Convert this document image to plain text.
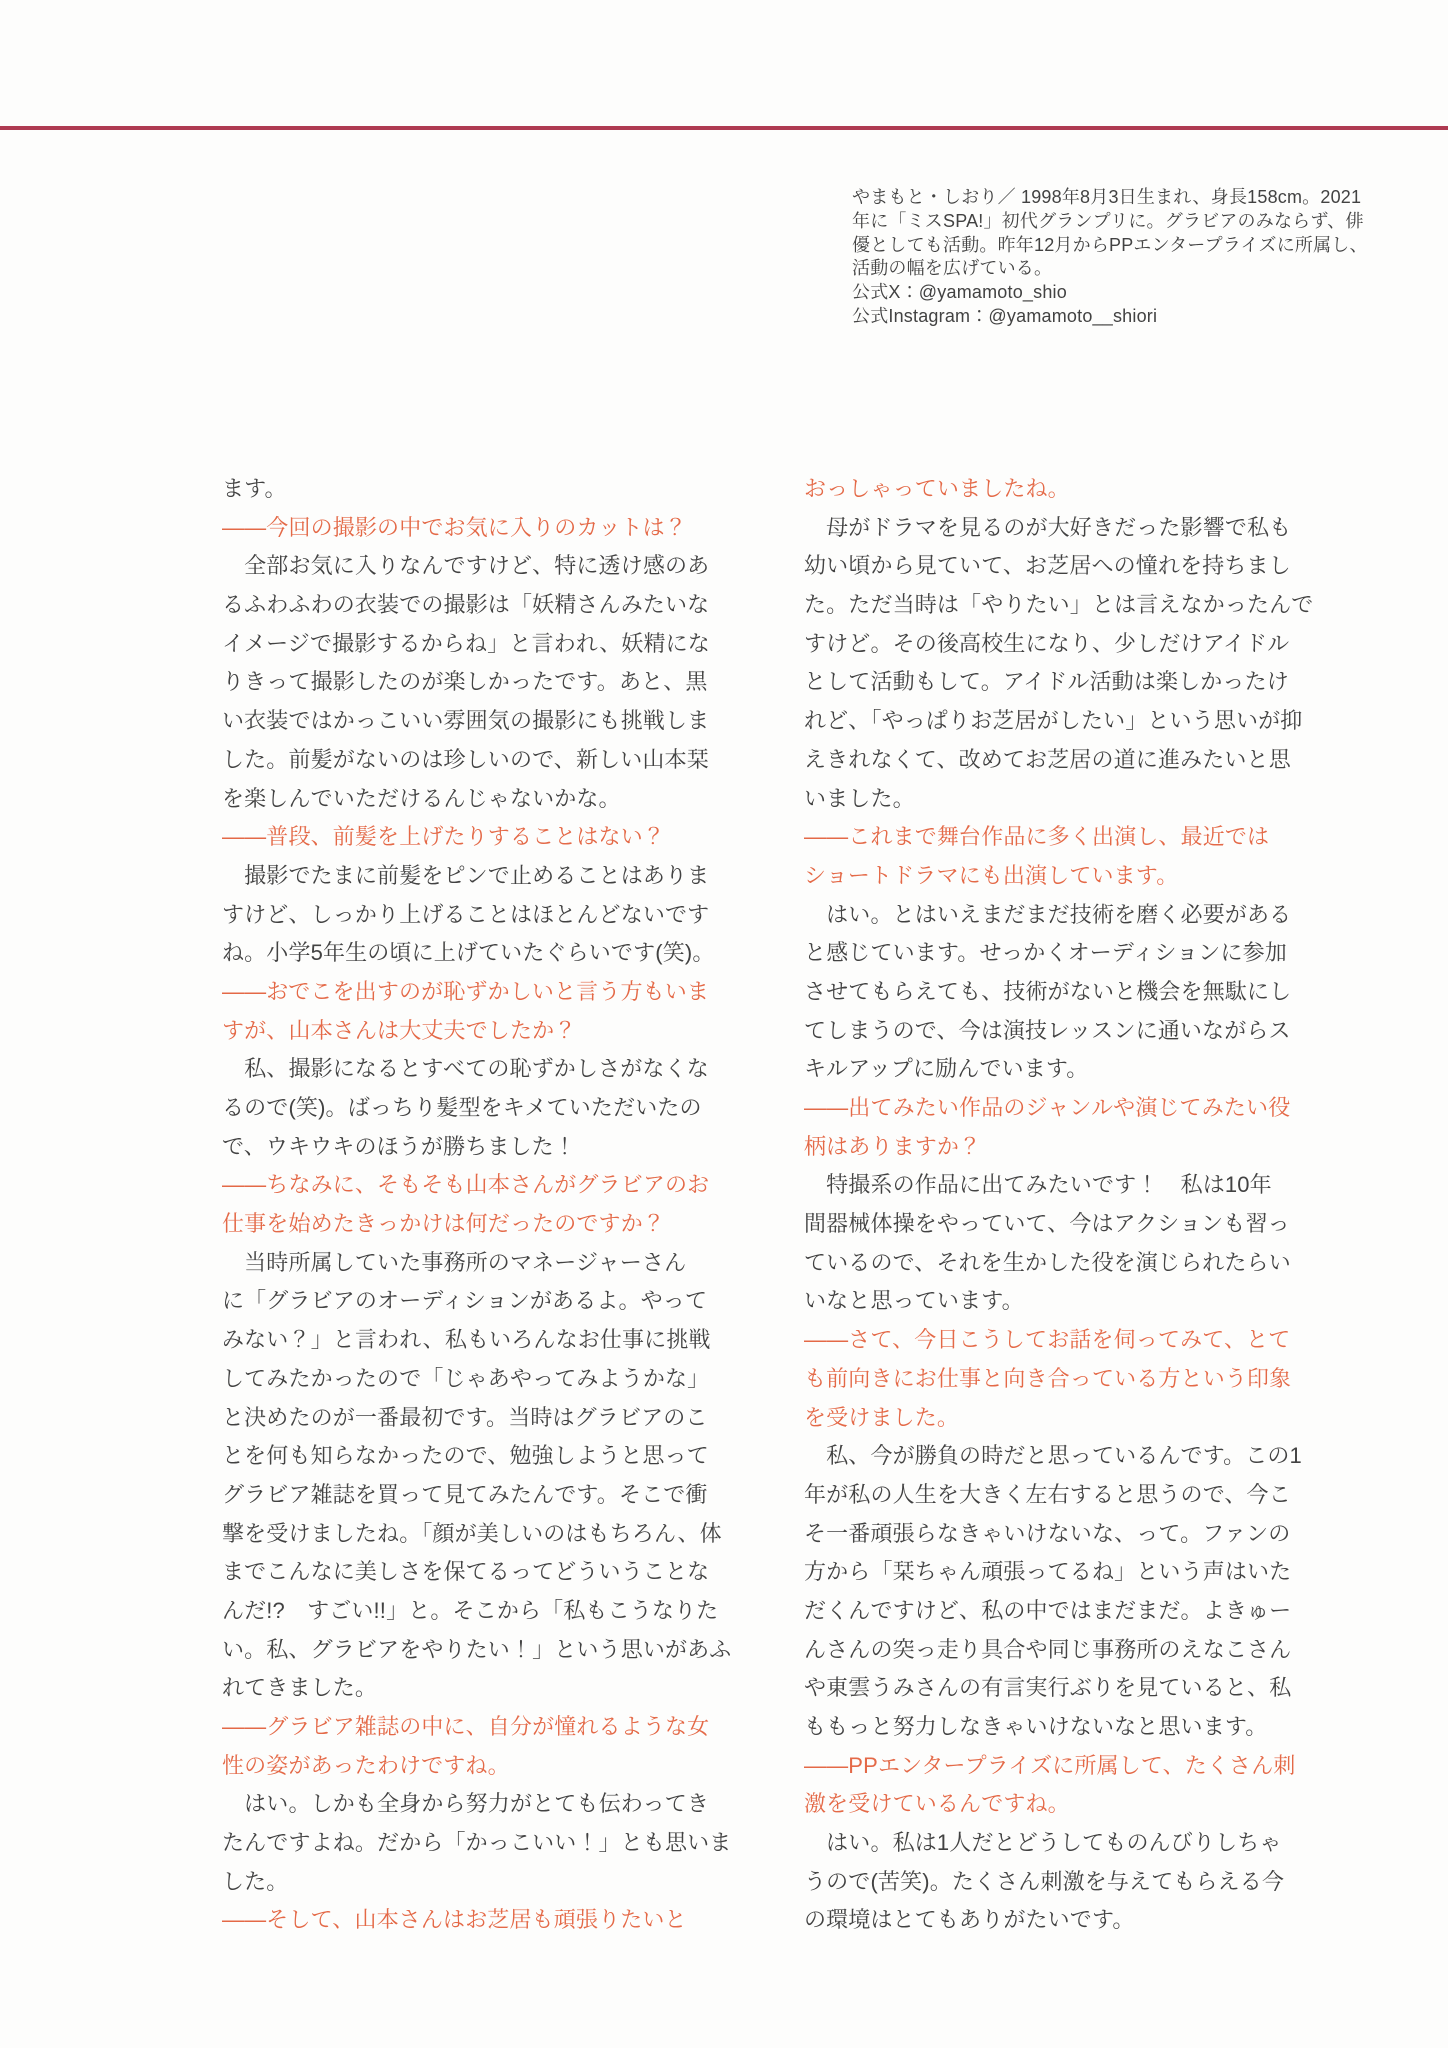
やまもと・しおり／ 1998年8月3日生まれ、身長158cm。2021
年に「ミスSPA!」初代グランプリに。グラビアのみならず、俳
優としても活動。昨年12月からPPエンタープライズに所属し、
活動の幅を広げている。
公式X：@yamamoto_shio
公式Instagram：@yamamoto__shiori
ます。
——今回の撮影の中でお気に入りのカットは？
　全部お気に入りなんですけど、特に透け感のあ
るふわふわの衣装での撮影は「妖精さんみたいな
イメージで撮影するからね」と言われ、妖精にな
りきって撮影したのが楽しかったです。あと、黒
い衣装ではかっこいい雰囲気の撮影にも挑戦しま
した。前髪がないのは珍しいので、新しい山本栞
を楽しんでいただけるんじゃないかな。
——普段、前髪を上げたりすることはない？
　撮影でたまに前髪をピンで止めることはありま
すけど、しっかり上げることはほとんどないです
ね。小学5年生の頃に上げていたぐらいです(笑)。
——おでこを出すのが恥ずかしいと言う方もいま
すが、山本さんは大丈夫でしたか？
　私、撮影になるとすべての恥ずかしさがなくな
るので(笑)。ばっちり髪型をキメていただいたの
で、ウキウキのほうが勝ちました！
——ちなみに、そもそも山本さんがグラビアのお
仕事を始めたきっかけは何だったのですか？
　当時所属していた事務所のマネージャーさん
に「グラビアのオーディションがあるよ。やって
みない？」と言われ、私もいろんなお仕事に挑戦
してみたかったので「じゃあやってみようかな」
と決めたのが一番最初です。当時はグラビアのこ
とを何も知らなかったので、勉強しようと思って
グラビア雑誌を買って見てみたんです。そこで衝
撃を受けましたね。「顔が美しいのはもちろん、体
までこんなに美しさを保てるってどういうことな
んだ!?　すごい!!」と。そこから「私もこうなりた
い。私、グラビアをやりたい！」という思いがあふ
れてきました。
——グラビア雑誌の中に、自分が憧れるような女
性の姿があったわけですね。
　はい。しかも全身から努力がとても伝わってき
たんですよね。だから「かっこいい！」とも思いま
した。
——そして、山本さんはお芝居も頑張りたいと
おっしゃっていましたね。
　母がドラマを見るのが大好きだった影響で私も
幼い頃から見ていて、お芝居への憧れを持ちまし
た。ただ当時は「やりたい」とは言えなかったんで
すけど。その後高校生になり、少しだけアイドル
として活動もして。アイドル活動は楽しかったけ
れど、「やっぱりお芝居がしたい」という思いが抑
えきれなくて、改めてお芝居の道に進みたいと思
いました。
——これまで舞台作品に多く出演し、最近では
ショートドラマにも出演しています。
　はい。とはいえまだまだ技術を磨く必要がある
と感じています。せっかくオーディションに参加
させてもらえても、技術がないと機会を無駄にし
てしまうので、今は演技レッスンに通いながらス
キルアップに励んでいます。
——出てみたい作品のジャンルや演じてみたい役
柄はありますか？
　特撮系の作品に出てみたいです！　私は10年
間器械体操をやっていて、今はアクションも習っ
ているので、それを生かした役を演じられたらい
いなと思っています。
——さて、今日こうしてお話を伺ってみて、とて
も前向きにお仕事と向き合っている方という印象
を受けました。
　私、今が勝負の時だと思っているんです。この1
年が私の人生を大きく左右すると思うので、今こ
そ一番頑張らなきゃいけないな、って。ファンの
方から「栞ちゃん頑張ってるね」という声はいた
だくんですけど、私の中ではまだまだ。よきゅー
んさんの突っ走り具合や同じ事務所のえなこさん
や東雲うみさんの有言実行ぶりを見ていると、私
ももっと努力しなきゃいけないなと思います。
——PPエンタープライズに所属して、たくさん刺
激を受けているんですね。
　はい。私は1人だとどうしてものんびりしちゃ
うので(苦笑)。たくさん刺激を与えてもらえる今
の環境はとてもありがたいです。
